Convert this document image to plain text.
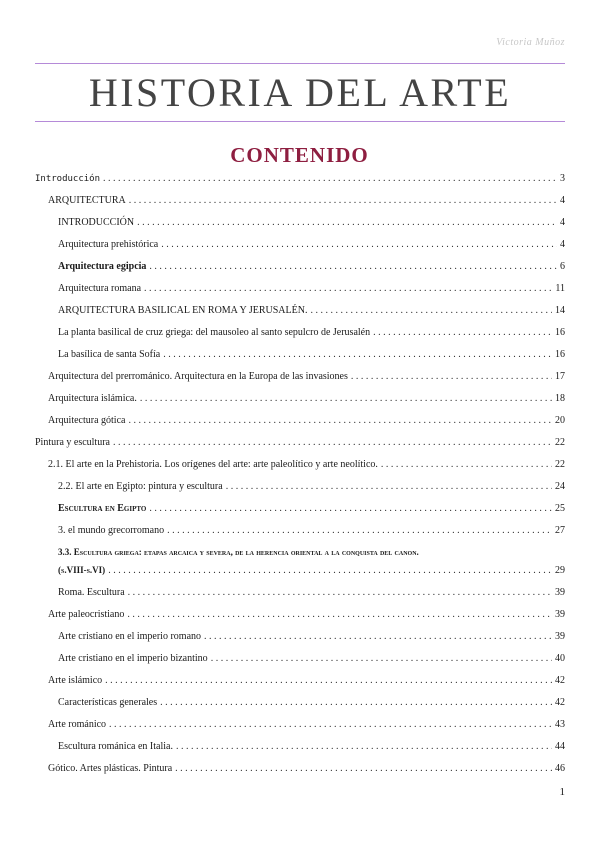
Victoria Muñoz
HISTORIA DEL ARTE
CONTENIDO
Introducción . . .	3
ARQUITECTURA . . .	4
INTRODUCCIÓN . . .	4
Arquitectura prehistórica . . .	4
Arquitectura egipcia . . .	6
Arquitectura romana . . .	11
ARQUITECTURA BASILICAL EN ROMA Y JERUSALÉN. . . .	14
La planta basilical de cruz griega: del mausoleo al santo sepulcro de Jerusalén . . .	16
La basílica de santa Sofía . . .	16
Arquitectura del prerrománico. Arquitectura en la Europa de las invasiones . . .	17
Arquitectura islámica. . . .	18
Arquitectura gótica . . .	20
Pintura y escultura . . .	22
2.1. El arte en la Prehistoria. Los orígenes del arte: arte paleolítico y arte neolítico. . . .	22
2.2. El arte en Egipto: pintura y escultura . . .	24
Escultura en Egipto . . .	25
3. el mundo grecorromano . . .	27
3.3. Escultura griega: etapas arcaica y severa, de la herencia oriental a la conquista del canon.
(s.VIII-s.VI) . . .	29
Roma. Escultura . . .	39
Arte paleocristiano . . .	39
Arte cristiano en el imperio romano . . .	39
Arte cristiano en el imperio bizantino . . .	40
Arte islámico . . .	42
Características generales . . .	42
Arte románico . . .	43
Escultura románica en Italia. . . .	44
Gótico. Artes plásticas. Pintura . . .	46
1
